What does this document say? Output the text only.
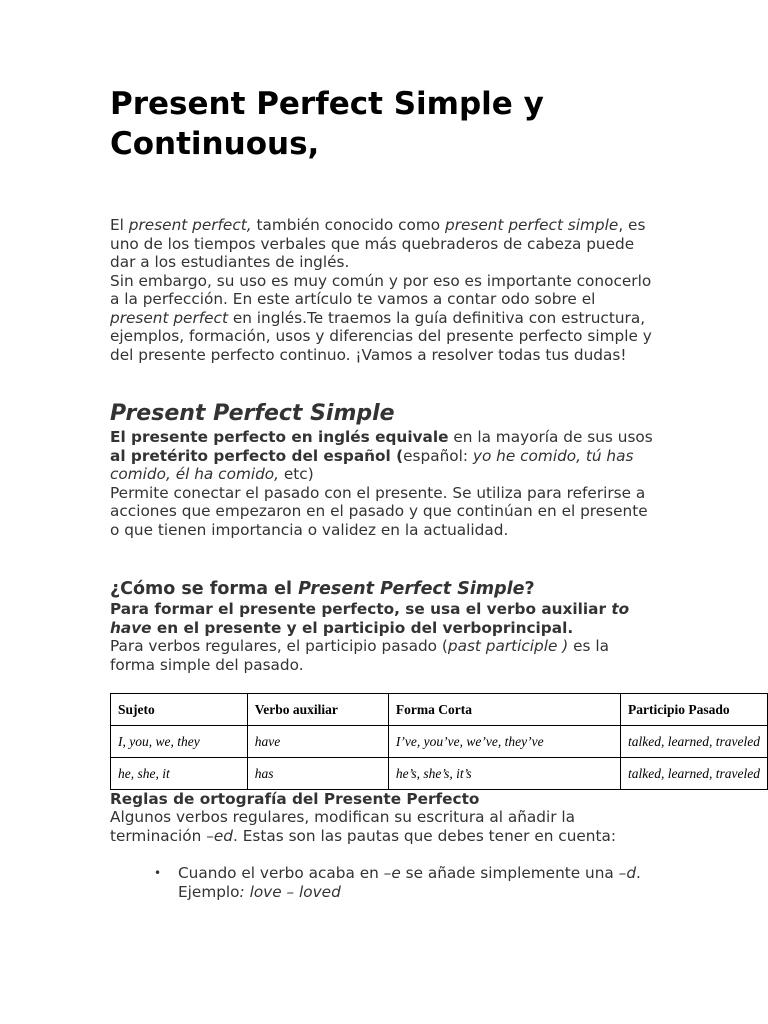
Present Perfect Simple y Continuous,
El present perfect, también conocido como present perfect simple, es uno de los tiempos verbales que más quebraderos de cabeza puede dar a los estudiantes de inglés.
Sin embargo, su uso es muy común y por eso es importante conocerlo a la perfección. En este artículo te vamos a contar odo sobre el present perfect en inglés.Te traemos la guía definitiva con estructura, ejemplos, formación, usos y diferencias del presente perfecto simple y del presente perfecto continuo. ¡Vamos a resolver todas tus dudas!
Present Perfect Simple
El presente perfecto en inglés equivale en la mayoría de sus usos al pretérito perfecto del español (español: yo he comido, tú has comido, él ha comido, etc)
Permite conectar el pasado con el presente. Se utiliza para referirse a acciones que empezaron en el pasado y que continúan en el presente o que tienen importancia o validez en la actualidad.
¿Cómo se forma el Present Perfect Simple?
Para formar el presente perfecto, se usa el verbo auxiliar to have en el presente y el participio del verboprincipal.
Para verbos regulares, el participio pasado (past participle ) es la forma simple del pasado.
Sujeto	Verbo auxiliar	Forma Corta	Participio Pasado
I, you, we, they	have	I’ve, you’ve, we’ve, they’ve	talked, learned, traveled
he, she, it	has	he’s, she’s, it’s	talked, learned, traveled
Reglas de ortografía del Presente Perfecto
Algunos verbos regulares, modifican su escritura al añadir la terminación –ed. Estas son las pautas que debes tener en cuenta:
• Cuando el verbo acaba en –e se añade simplemente una –d. Ejemplo: love – loved
